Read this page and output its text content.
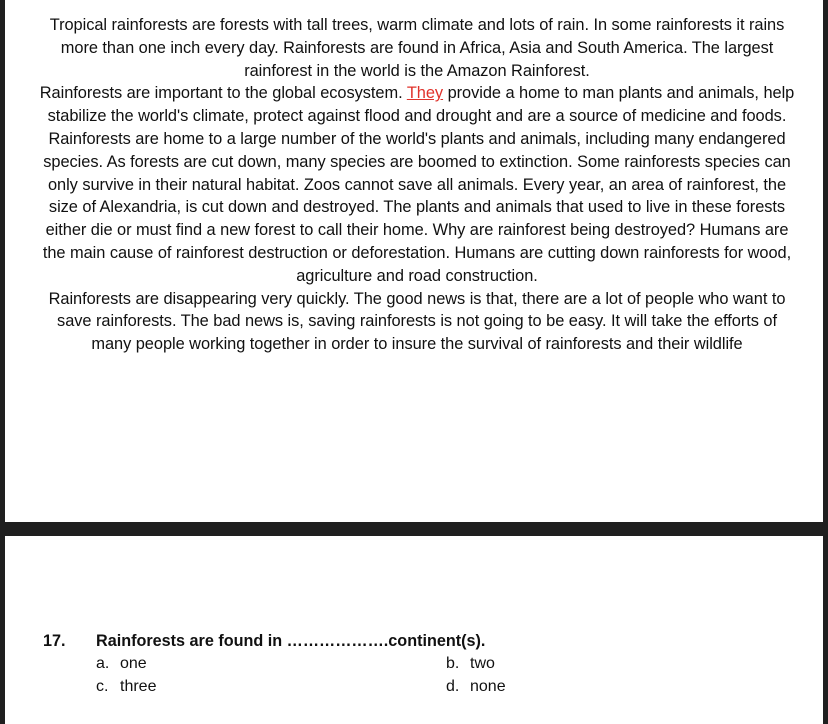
Tropical rainforests are forests with tall trees, warm climate and lots of rain. In some rainforests it rains more than one inch every day. Rainforests are found in Africa, Asia and South America. The largest rainforest in the world is the Amazon Rainforest.

Rainforests are important to the global ecosystem. They provide a home to man plants and animals, help stabilize the world's climate, protect against flood and drought and are a source of medicine and foods.

Rainforests are home to a large number of the world's plants and animals, including many endangered species. As forests are cut down, many species are boomed to extinction. Some rainforests species can only survive in their natural habitat. Zoos cannot save all animals. Every year, an area of rainforest, the size of Alexandria, is cut down and destroyed. The plants and animals that used to live in these forests either die or must find a new forest to call their home. Why are rainforest being destroyed? Humans are the main cause of rainforest destruction or deforestation. Humans are cutting down rainforests for wood, agriculture and road construction.

Rainforests are disappearing very quickly. The good news is that, there are a lot of people who want to save rainforests. The bad news is, saving rainforests is not going to be easy. It will take the efforts of many people working together in order to insure the survival of rainforests and their wildlife

17. Rainforests are found in ……………….continent(s).
a. one	b. two
c. three	d. none
